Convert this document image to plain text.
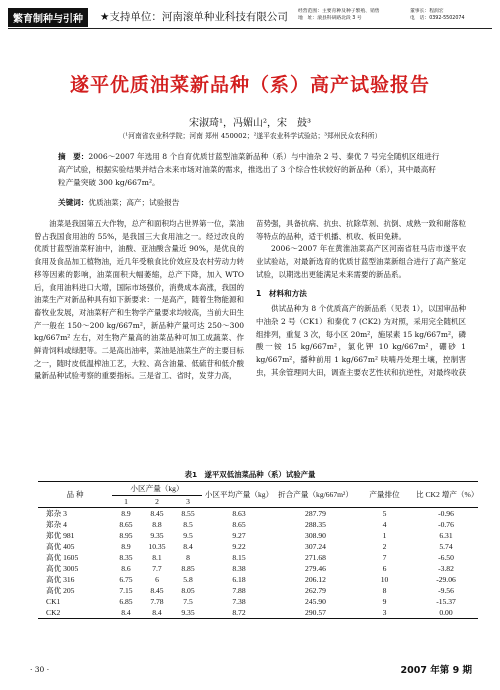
繁育制种与引种	★支持单位：河南滚单种业科技有限公司 经营范围：主要育种及种子繁殖、销售
地　址：滚县科研路北段 3 号
董事长：程润宏
电　话：0392-5502074
遂平优质油菜新品种（系）高产试验报告
宋淑琦¹，冯媚山²，宋　鼓³
（¹河南省农业科学院；河南 郑州 450002；²遂平农业科学试验站；³郑州民众农科所）
摘　要：2006～2007 年选用 8 个自育优质甘蓝型油菜新品种（系）与中油杂 2 号、秦优 7 号完全随机区组进行高产试验，根据实验结果并结合未来市场对油菜的需求，推选出了 3 个综合性状较好的新品种（系），其中最高籽粒产量突破 300 kg/667m²。
关键词：优质油菜；高产；试验报告

油菜是我国第五大作物，总产和面积均占世界第一位，菜油曾占我国食用油的 55%，是我国三大食用油之一。经过改良的优质甘蓝型油菜籽油中，油酸、亚油酸含量近 90%，是优良的食用及食品加工植物油，近几年受粮食比价效应及农村劳动力转移等因素的影响，油菜面积大幅萎缩，总产下降，加入 WTO 后，食用油料进口大增，国际市场强价，消费成本高涨，我国的油菜生产对新品种具有如下新要求：一是高产，随着生物能源和畜牧业发展，对油菜籽产和生物学产量要求均较高，当前大田生产一般在 150～200 kg/667m²，新品种产量可达 250～300 kg/667m² 左右，对生物产量高的油菜品种可加工成蔬菜、作鲜青饲料或绿肥等。二是高出油率，菜油是油菜生产的主要目标之一，随时皮低温榨油工艺，大粒、高含油量、低硫苷和低介酸量新品种试验考察的重要指标。三是省工、省时，发芽力高，

苗势强，具备抗病、抗虫、抗除草剂、抗倒、成熟一致和耐落粒等特点的品种，适于机播、机收、板田免耕。

2006～2007 年在黄淮油菜高产区河南省驻马店市遂平农业试验站，对最新选育的优质甘蓝型油菜新组合进行了高产鉴定试验，以期选出更能满足未来需要的新品系。

1　材料和方法

供试品种为 8 个优质高产的新品系（见表 1），以国审品种中油杂 2 号（CK1）和秦优 7 (CK2) 为对照，采用完全随机区组排列，重复 3 次，每小区 20m²，施尿素 15 kg/667m²，磷酸一铵 15 kg/667m²，氯化钾 10 kg/667m²，硼砂 1 kg/667m²，播种前用 1 kg/667m² 呋喃丹处理土壤，控制害虫，其余管理同大田，调查主要农艺性状和抗逆性，对最终收获

表1　遂平双低油菜品种（系）试验产量
品 种	小区产量（kg）			小区平均产量（kg）	折合产量（kg/667m²）	产量排位	比 CK2 增产（%）
	1	2	3				
郑杂 3	8.9	8.45	8.55	8.63	287.79	5	-0.96
郑杂 4	8.65	8.8	8.5	8.65	288.35	4	-0.76
郑优 981	8.95	9.35	9.5	9.27	308.90	1	6.31
高优 405	8.9	10.35	8.4	9.22	307.24	2	5.74
高优 1605	8.35	8.1	8	8.15	271.68	7	-6.50
高优 3005	8.6	7.7	8.85	8.38	279.46	6	-3.82
高优 316	6.75	6	5.8	6.18	206.12	10	-29.06
高优 205	7.15	8.45	8.05	7.88	262.79	8	-9.56
CK1	6.85	7.78	7.5	7.38	245.90	9	-15.37
CK2	8.4	8.4	9.35	8.72	290.57	3	0.00
· 30 ·	2007 年第 9 期
